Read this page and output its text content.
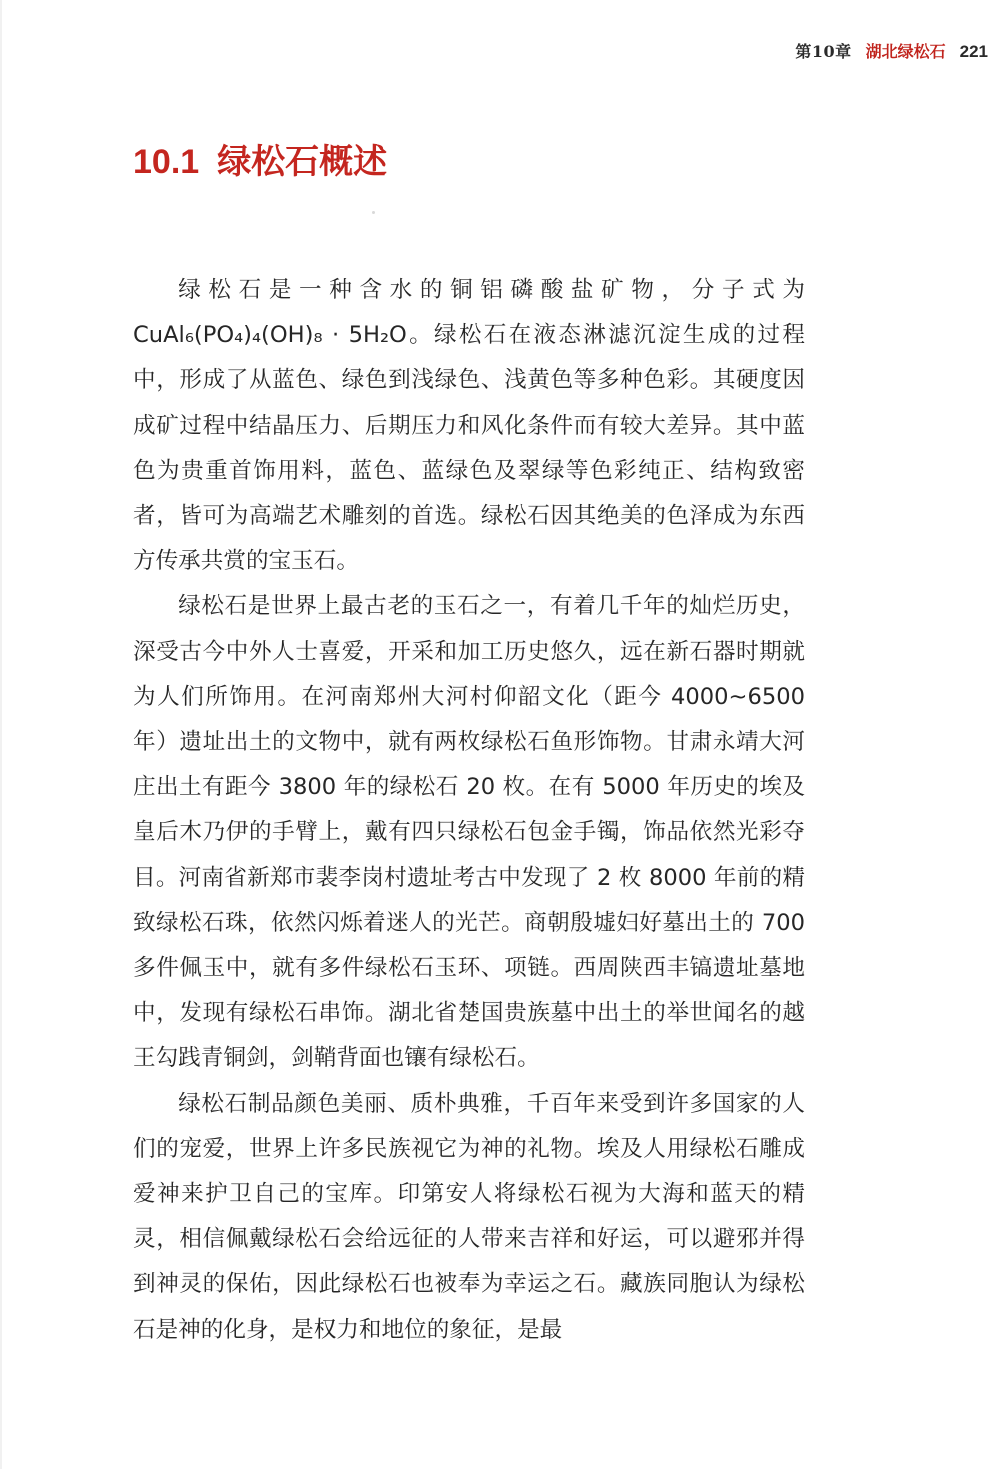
第10章 湖北绿松石 221
10.1 绿松石概述

绿松石是一种含水的铜铝磷酸盐矿物，分子式为 CuAl₆(PO₄)₄(OH)₈ · 5H₂O。绿松石在液态淋滤沉淀生成的过程中，形成了从蓝色、绿色到浅绿色、浅黄色等多种色彩。其硬度因成矿过程中结晶压力、后期压力和风化条件而有较大差异。其中蓝色为贵重首饰用料，蓝色、蓝绿色及翠绿等色彩纯正、结构致密者，皆可为高端艺术雕刻的首选。绿松石因其绝美的色泽成为东西方传承共赏的宝玉石。

绿松石是世界上最古老的玉石之一，有着几千年的灿烂历史，深受古今中外人士喜爱，开采和加工历史悠久，远在新石器时期就为人们所饰用。在河南郑州大河村仰韶文化（距今 4000~6500 年）遗址出土的文物中，就有两枚绿松石鱼形饰物。甘肃永靖大河庄出土有距今 3800 年的绿松石 20 枚。在有 5000 年历史的埃及皇后木乃伊的手臂上，戴有四只绿松石包金手镯，饰品依然光彩夺目。河南省新郑市裴李岗村遗址考古中发现了 2 枚 8000 年前的精致绿松石珠，依然闪烁着迷人的光芒。商朝殷墟妇好墓出土的 700 多件佩玉中，就有多件绿松石玉环、项链。西周陕西丰镐遗址墓地中，发现有绿松石串饰。湖北省楚国贵族墓中出土的举世闻名的越王勾践青铜剑，剑鞘背面也镶有绿松石。

绿松石制品颜色美丽、质朴典雅，千百年来受到许多国家的人们的宠爱，世界上许多民族视它为神的礼物。埃及人用绿松石雕成爱神来护卫自己的宝库。印第安人将绿松石视为大海和蓝天的精灵，相信佩戴绿松石会给远征的人带来吉祥和好运，可以避邪并得到神灵的保佑，因此绿松石也被奉为幸运之石。藏族同胞认为绿松石是神的化身，是权力和地位的象征，是最
